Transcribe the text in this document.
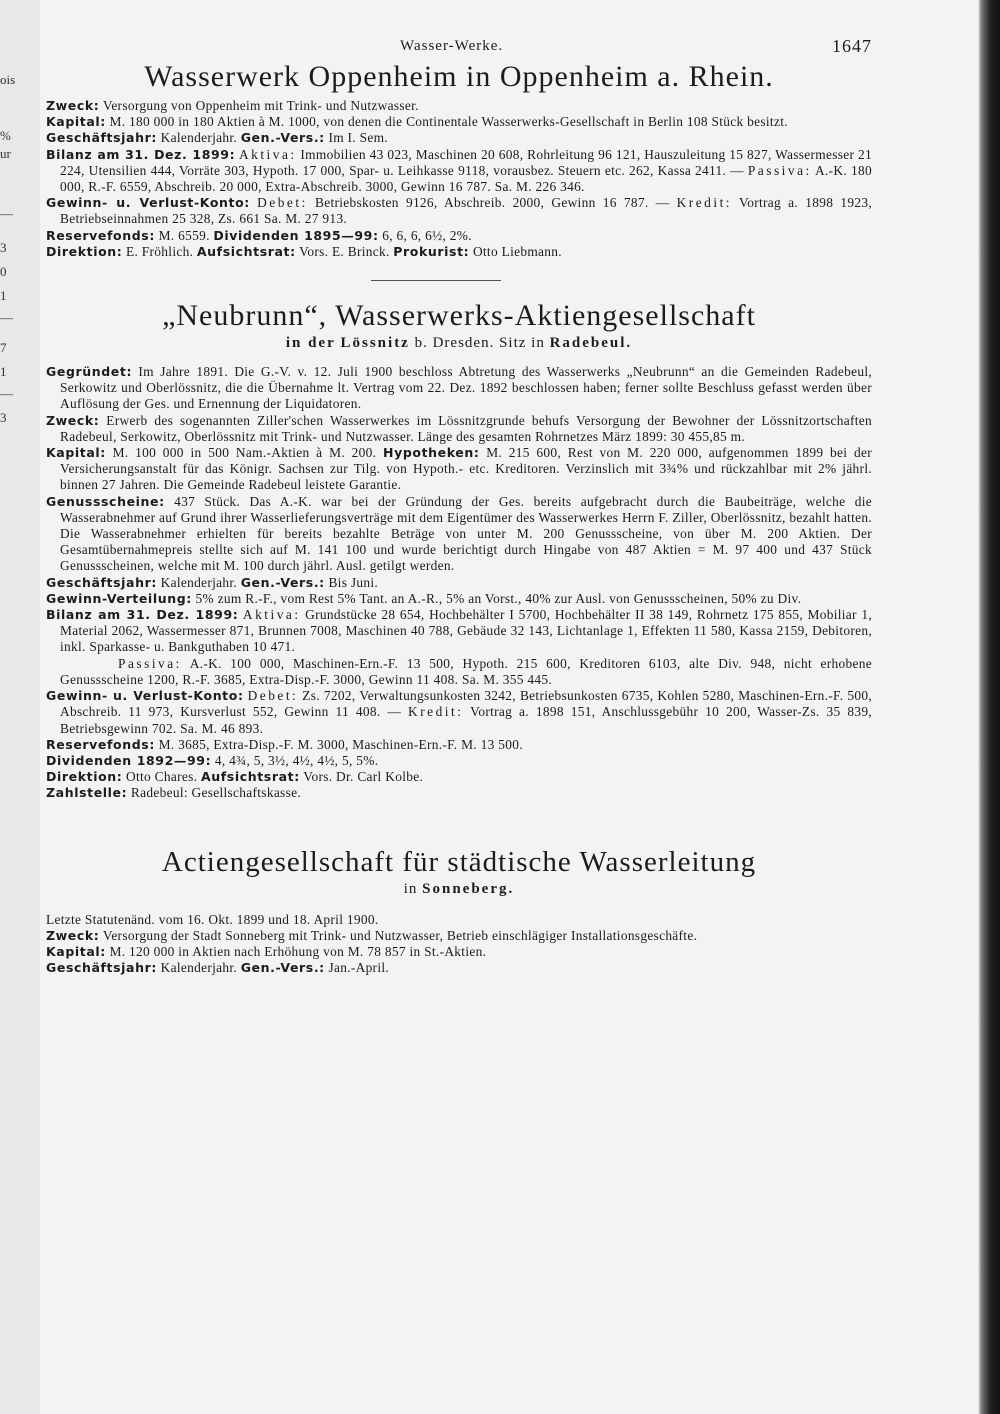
ois
%
ur
—
3
0
1
—
7
1
—
3
Wasser-Werke.	1647
Wasserwerk Oppenheim in Oppenheim a. Rhein.

Zweck: Versorgung von Oppenheim mit Trink- und Nutzwasser.

Kapital: M. 180 000 in 180 Aktien à M. 1000, von denen die Continentale Wasserwerks-Gesellschaft in Berlin 108 Stück besitzt.

Geschäftsjahr: Kalenderjahr. Gen.-Vers.: Im I. Sem.

Bilanz am 31. Dez. 1899: Aktiva: Immobilien 43 023, Maschinen 20 608, Rohrleitung 96 121, Hauszuleitung 15 827, Wassermesser 21 224, Utensilien 444, Vorräte 303, Hypoth. 17 000, Spar- u. Leihkasse 9118, vorausbez. Steuern etc. 262, Kassa 2411. — Passiva: A.-K. 180 000, R.-F. 6559, Abschreib. 20 000, Extra-Abschreib. 3000, Gewinn 16 787. Sa. M. 226 346.

Gewinn- u. Verlust-Konto: Debet: Betriebskosten 9126, Abschreib. 2000, Gewinn 16 787. — Kredit: Vortrag a. 1898 1923, Betriebseinnahmen 25 328, Zs. 661 Sa. M. 27 913.

Reservefonds: M. 6559. Dividenden 1895—99: 6, 6, 6, 6½, 2%.

Direktion: E. Fröhlich. Aufsichtsrat: Vors. E. Brinck. Prokurist: Otto Liebmann.

„Neubrunn“, Wasserwerks-Aktiengesellschaft
in der Lössnitz b. Dresden. Sitz in Radebeul.

Gegründet: Im Jahre 1891. Die G.-V. v. 12. Juli 1900 beschloss Abtretung des Wasserwerks „Neubrunn“ an die Gemeinden Radebeul, Serkowitz und Oberlössnitz, die die Übernahme lt. Vertrag vom 22. Dez. 1892 beschlossen haben; ferner sollte Beschluss gefasst werden über Auflösung der Ges. und Ernennung der Liquidatoren.

Zweck: Erwerb des sogenannten Ziller'schen Wasserwerkes im Lössnitzgrunde behufs Versorgung der Bewohner der Lössnitzortschaften Radebeul, Serkowitz, Oberlössnitz mit Trink- und Nutzwasser. Länge des gesamten Rohrnetzes März 1899: 30 455,85 m.

Kapital: M. 100 000 in 500 Nam.-Aktien à M. 200. Hypotheken: M. 215 600, Rest von M. 220 000, aufgenommen 1899 bei der Versicherungsanstalt für das Königr. Sachsen zur Tilg. von Hypoth.- etc. Kreditoren. Verzinslich mit 3¾% und rückzahlbar mit 2% jährl. binnen 27 Jahren. Die Gemeinde Radebeul leistete Garantie.

Genussscheine: 437 Stück. Das A.-K. war bei der Gründung der Ges. bereits aufgebracht durch die Baubeiträge, welche die Wasserabnehmer auf Grund ihrer Wasserlieferungsverträge mit dem Eigentümer des Wasserwerkes Herrn F. Ziller, Oberlössnitz, bezahlt hatten. Die Wasserabnehmer erhielten für bereits bezahlte Beträge von unter M. 200 Genussscheine, von über M. 200 Aktien. Der Gesamtübernahmepreis stellte sich auf M. 141 100 und wurde berichtigt durch Hingabe von 487 Aktien = M. 97 400 und 437 Stück Genussscheinen, welche mit M. 100 durch jährl. Ausl. getilgt werden.

Geschäftsjahr: Kalenderjahr. Gen.-Vers.: Bis Juni.

Gewinn-Verteilung: 5% zum R.-F., vom Rest 5% Tant. an A.-R., 5% an Vorst., 40% zur Ausl. von Genussscheinen, 50% zu Div.

Bilanz am 31. Dez. 1899: Aktiva: Grundstücke 28 654, Hochbehälter I 5700, Hochbehälter II 38 149, Rohrnetz 175 855, Mobiliar 1, Material 2062, Wassermesser 871, Brunnen 7008, Maschinen 40 788, Gebäude 32 143, Lichtanlage 1, Effekten 11 580, Kassa 2159, Debitoren, inkl. Sparkasse- u. Bankguthaben 10 471.

Passiva: A.-K. 100 000, Maschinen-Ern.-F. 13 500, Hypoth. 215 600, Kreditoren 6103, alte Div. 948, nicht erhobene Genussscheine 1200, R.-F. 3685, Extra-Disp.-F. 3000, Gewinn 11 408. Sa. M. 355 445.

Gewinn- u. Verlust-Konto: Debet: Zs. 7202, Verwaltungsunkosten 3242, Betriebsunkosten 6735, Kohlen 5280, Maschinen-Ern.-F. 500, Abschreib. 11 973, Kursverlust 552, Gewinn 11 408. — Kredit: Vortrag a. 1898 151, Anschlussgebühr 10 200, Wasser-Zs. 35 839, Betriebsgewinn 702. Sa. M. 46 893.

Reservefonds: M. 3685, Extra-Disp.-F. M. 3000, Maschinen-Ern.-F. M. 13 500.

Dividenden 1892—99: 4, 4¾, 5, 3½, 4½, 4½, 5, 5%.

Direktion: Otto Chares. Aufsichtsrat: Vors. Dr. Carl Kolbe.

Zahlstelle: Radebeul: Gesellschaftskasse.

Actiengesellschaft für städtische Wasserleitung
in Sonneberg.

Letzte Statutenänd. vom 16. Okt. 1899 und 18. April 1900.

Zweck: Versorgung der Stadt Sonneberg mit Trink- und Nutzwasser, Betrieb einschlägiger Installationsgeschäfte.

Kapital: M. 120 000 in Aktien nach Erhöhung von M. 78 857 in St.-Aktien.

Geschäftsjahr: Kalenderjahr. Gen.-Vers.: Jan.-April.
